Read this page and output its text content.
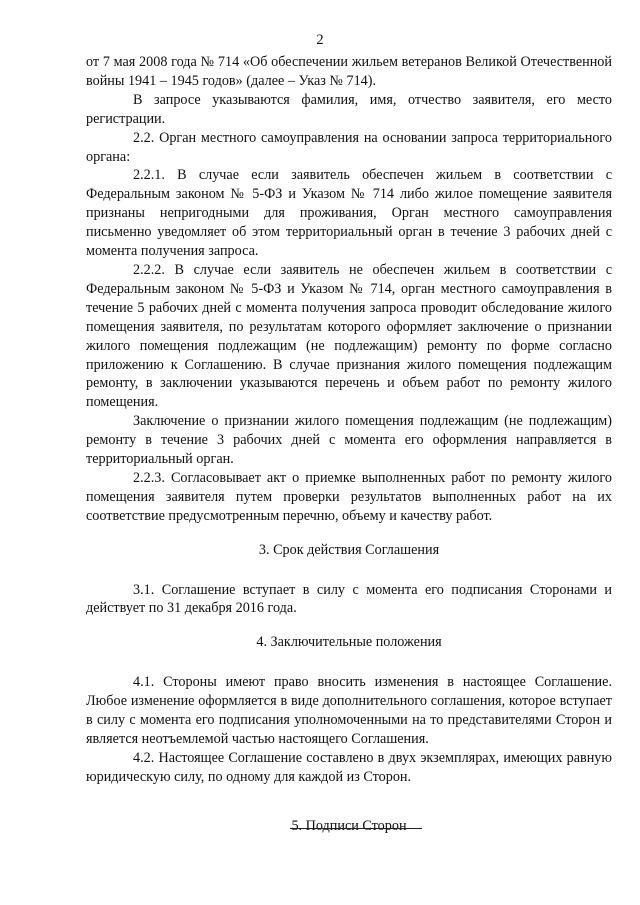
2

от 7 мая 2008 года № 714 «Об обеспечении жильем ветеранов Великой Отечественной войны 1941 – 1945 годов» (далее – Указ № 714).

В запросе указываются фамилия, имя, отчество заявителя, его место регистрации.

2.2. Орган местного самоуправления на основании запроса территориального органа:

2.2.1. В случае если заявитель обеспечен жильем в соответствии с Федеральным законом № 5-ФЗ и Указом № 714 либо жилое помещение заявителя признаны непригодными для проживания, Орган местного самоуправления письменно уведомляет об этом территориальный орган в течение 3 рабочих дней с момента получения запроса.

2.2.2. В случае если заявитель не обеспечен жильем в соответствии с Федеральным законом № 5-ФЗ и Указом № 714, орган местного самоуправления в течение 5 рабочих дней с момента получения запроса проводит обследование жилого помещения заявителя, по результатам которого оформляет заключение о признании жилого помещения подлежащим (не подлежащим) ремонту по форме согласно приложению к Соглашению. В случае признания жилого помещения подлежащим ремонту, в заключении указываются перечень и объем работ по ремонту жилого помещения.

Заключение о признании жилого помещения подлежащим (не подлежащим) ремонту в течение 3 рабочих дней с момента его оформления направляется в территориальный орган.

2.2.3. Согласовывает акт о приемке выполненных работ по ремонту жилого помещения заявителя путем проверки результатов выполненных работ на их соответствие предусмотренным перечню, объему и качеству работ.

3. Срок действия Соглашения

3.1. Соглашение вступает в силу с момента его подписания Сторонами и действует по 31 декабря 2016 года.

4. Заключительные положения

4.1. Стороны имеют право вносить изменения в настоящее Соглашение. Любое изменение оформляется в виде дополнительного соглашения, которое вступает в силу с момента его подписания уполномоченными на то представителями Сторон и является неотъемлемой частью настоящего Соглашения.

4.2. Настоящее Соглашение составлено в двух экземплярах, имеющих равную юридическую силу, по одному для каждой из Сторон.

5. Подписи Сторон
